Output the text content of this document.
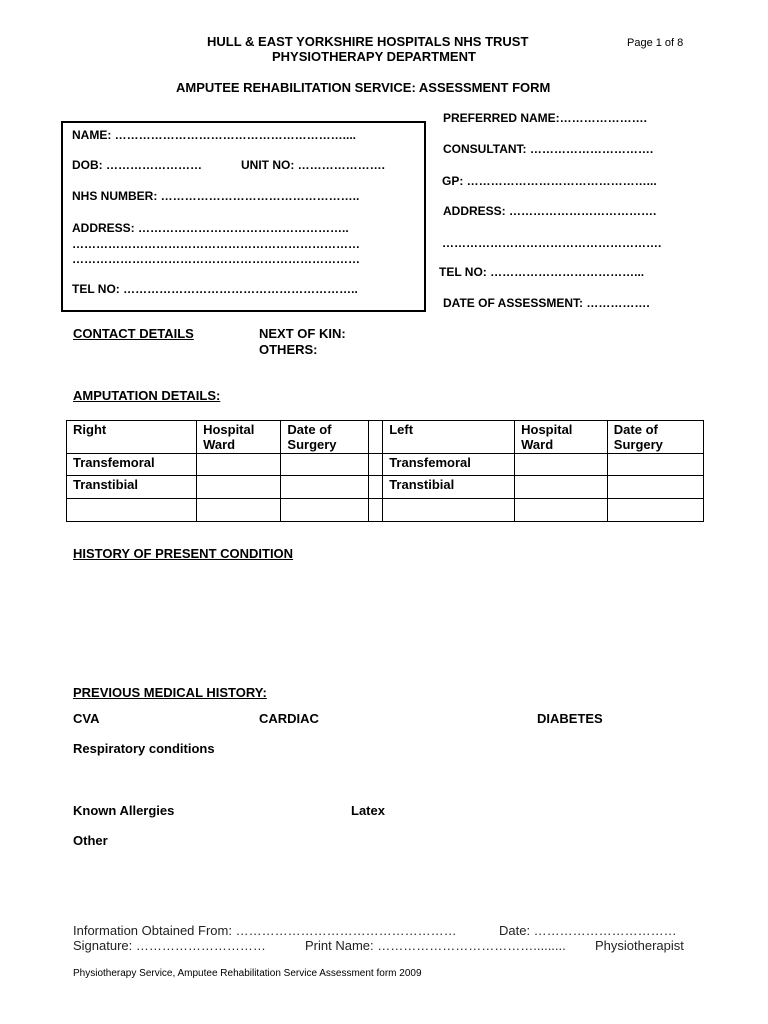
HULL & EAST YORKSHIRE HOSPITALS NHS TRUST
PHYSIOTHERAPY DEPARTMENT
Page 1 of 8
AMPUTEE REHABILITATION SERVICE: ASSESSMENT FORM
NAME: …………………………………………………....
DOB: ……………………	UNIT NO: ………………….
NHS NUMBER: …………………………………………..
ADDRESS: ……………………………………………..
………………………………………………………………
………………………………………………………………
TEL NO: …………………………………………………..
PREFERRED NAME:………………….
CONSULTANT: ………………………….
GP: ………………………………………...
ADDRESS: ……………………………….
……………………………………………….
TEL NO: ………………………………...
DATE OF ASSESSMENT: …………….
CONTACT DETAILS	NEXT OF KIN:
OTHERS:
AMPUTATION DETAILS:
Right	Hospital Ward	Date of Surgery		Left	Hospital Ward	Date of Surgery
Transfemoral				Transfemoral		
Transtibial				Transtibial		

HISTORY OF PRESENT CONDITION
PREVIOUS MEDICAL HISTORY:
CVA	CARDIAC	DIABETES
Respiratory conditions
Known Allergies	Latex
Other
Information Obtained From: ……………………………………………	Date: ……………………………
Signature: …………………………	Print Name: ………………………………......... Physiotherapist
Physiotherapy Service, Amputee Rehabilitation Service Assessment form 2009
